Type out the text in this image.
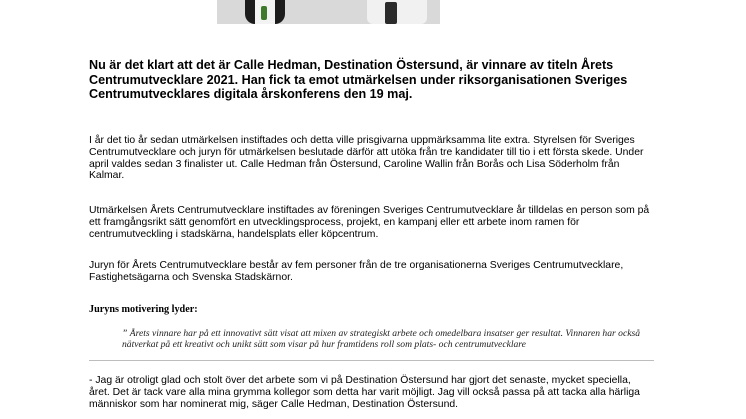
Nu är det klart att det är Calle Hedman, Destination Östersund, är vinnare av titeln Årets Centrumutvecklare 2021. Han fick ta emot utmärkelsen under riksorganisationen Sveriges Centrumutvecklares digitala årskonferens den 19 maj.

I år det tio år sedan utmärkelsen instiftades och detta ville prisgivarna uppmärksamma lite extra. Styrelsen för Sveriges Centrumutvecklare och juryn för utmärkelsen beslutade därför att utöka från tre kandidater till tio i ett första skede. Under april valdes sedan 3 finalister ut. Calle Hedman från Östersund, Caroline Wallin från Borås och Lisa Söderholm från Kalmar.

Utmärkelsen Årets Centrumutvecklare instiftades av föreningen Sveriges Centrumutvecklare år tilldelas en person som på ett framgångsrikt sätt genomfört en utvecklingsprocess, projekt, en kampanj eller ett arbete inom ramen för centrumutveckling i stadskärna, handelsplats eller köpcentrum.

Juryn för Årets Centrumutvecklare består av fem personer från de tre organisationerna Sveriges Centrumutvecklare, Fastighetsägarna och Svenska Stadskärnor.

Juryns motivering lyder:

” Årets vinnare har på ett innovativt sätt visat att mixen av strategiskt arbete och omedelbara insatser ger resultat. Vinnaren har också nätverkat på ett kreativt och unikt sätt som visar på hur framtidens roll som plats- och centrumutvecklare

- Jag är otroligt glad och stolt över det arbete som vi på Destination Östersund har gjort det senaste, mycket speciella, året. Det är tack vare alla mina grymma kollegor som detta har varit möjligt. Jag vill också passa på att tacka alla härliga människor som har nominerat mig, säger Calle Hedman, Destination Östersund.
